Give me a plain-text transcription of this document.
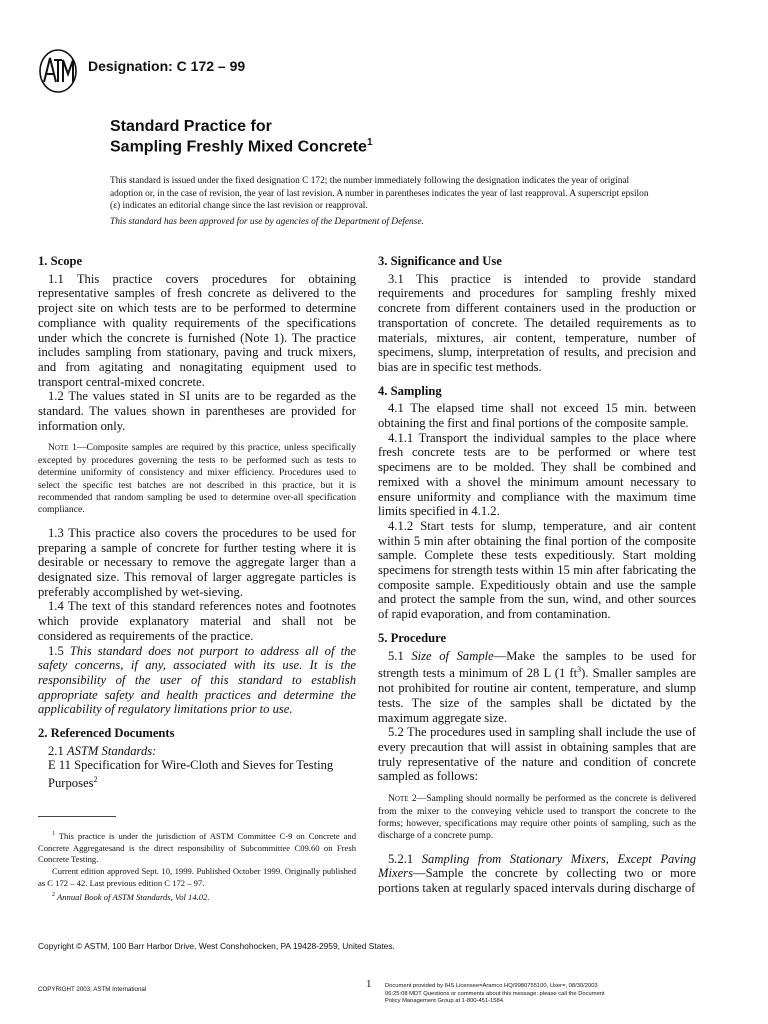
Designation: C 172 – 99
Standard Practice for
Sampling Freshly Mixed Concrete$^1$

This standard is issued under the fixed designation C 172; the number immediately following the designation indicates the year of original adoption or, in the case of revision, the year of last revision. A number in parentheses indicates the year of last reapproval. A superscript epsilon (ε) indicates an editorial change since the last revision or reapproval.

This standard has been approved for use by agencies of the Department of Defense.

1. Scope

1.1 This practice covers procedures for obtaining representative samples of fresh concrete as delivered to the project site on which tests are to be performed to determine compliance with quality requirements of the specifications under which the concrete is furnished (Note 1). The practice includes sampling from stationary, paving and truck mixers, and from agitating and nonagitating equipment used to transport central-mixed concrete.

1.2 The values stated in SI units are to be regarded as the standard. The values shown in parentheses are provided for information only.

Note 1—Composite samples are required by this practice, unless specifically excepted by procedures governing the tests to be performed such as tests to determine uniformity of consistency and mixer efficiency. Procedures used to select the specific test batches are not described in this practice, but it is recommended that random sampling be used to determine over-all specification compliance.

1.3 This practice also covers the procedures to be used for preparing a sample of concrete for further testing where it is desirable or necessary to remove the aggregate larger than a designated size. This removal of larger aggregate particles is preferably accomplished by wet-sieving.

1.4 The text of this standard references notes and footnotes which provide explanatory material and shall not be considered as requirements of the practice.

1.5 This standard does not purport to address all of the safety concerns, if any, associated with its use. It is the responsibility of the user of this standard to establish appropriate safety and health practices and determine the applicability of regulatory limitations prior to use.

2. Referenced Documents

2.1 ASTM Standards:

E 11 Specification for Wire-Cloth and Sieves for Testing Purposes$^2$

3. Significance and Use

3.1 This practice is intended to provide standard requirements and procedures for sampling freshly mixed concrete from different containers used in the production or transportation of concrete. The detailed requirements as to materials, mixtures, air content, temperature, number of specimens, slump, interpretation of results, and precision and bias are in specific test methods.

4. Sampling

4.1 The elapsed time shall not exceed 15 min. between obtaining the first and final portions of the composite sample.

4.1.1 Transport the individual samples to the place where fresh concrete tests are to be performed or where test specimens are to be molded. They shall be combined and remixed with a shovel the minimum amount necessary to ensure uniformity and compliance with the maximum time limits specified in 4.1.2.

4.1.2 Start tests for slump, temperature, and air content within 5 min after obtaining the final portion of the composite sample. Complete these tests expeditiously. Start molding specimens for strength tests within 15 min after fabricating the composite sample. Expeditiously obtain and use the sample and protect the sample from the sun, wind, and other sources of rapid evaporation, and from contamination.

5. Procedure

5.1 Size of Sample—Make the samples to be used for strength tests a minimum of 28 L (1 $ft^3$). Smaller samples are not prohibited for routine air content, temperature, and slump tests. The size of the samples shall be dictated by the maximum aggregate size.

5.2 The procedures used in sampling shall include the use of every precaution that will assist in obtaining samples that are truly representative of the nature and condition of concrete sampled as follows:

Note 2—Sampling should normally be performed as the concrete is delivered from the mixer to the conveying vehicle used to transport the concrete to the forms; however, specifications may require other points of sampling, such as the discharge of a concrete pump.

5.2.1 Sampling from Stationary Mixers, Except Paving Mixers—Sample the concrete by collecting two or more portions taken at regularly spaced intervals during discharge of

$^1$ This practice is under the jurisdiction of ASTM Committee C-9 on Concrete and Concrete Aggregatesand is the direct responsibility of Subcommittee C09.60 on Fresh Concrete Testing.

Current edition approved Sept. 10, 1999. Published October 1999. Originally published as C 172 – 42. Last previous edition C 172 – 97.

$^2$ Annual Book of ASTM Standards, Vol 14.02.

Copyright © ASTM, 100 Barr Harbor Drive, West Conshohocken, PA 19428-2959, United States.
1
COPYRIGHT 2003; ASTM International	Document provided by IHS Licensee=Aramco HQ/9980755100, User=, 08/30/2003
06:25:08 MDT Questions or comments about this message: please call the Document
Policy Management Group at 1-800-451-1584.
